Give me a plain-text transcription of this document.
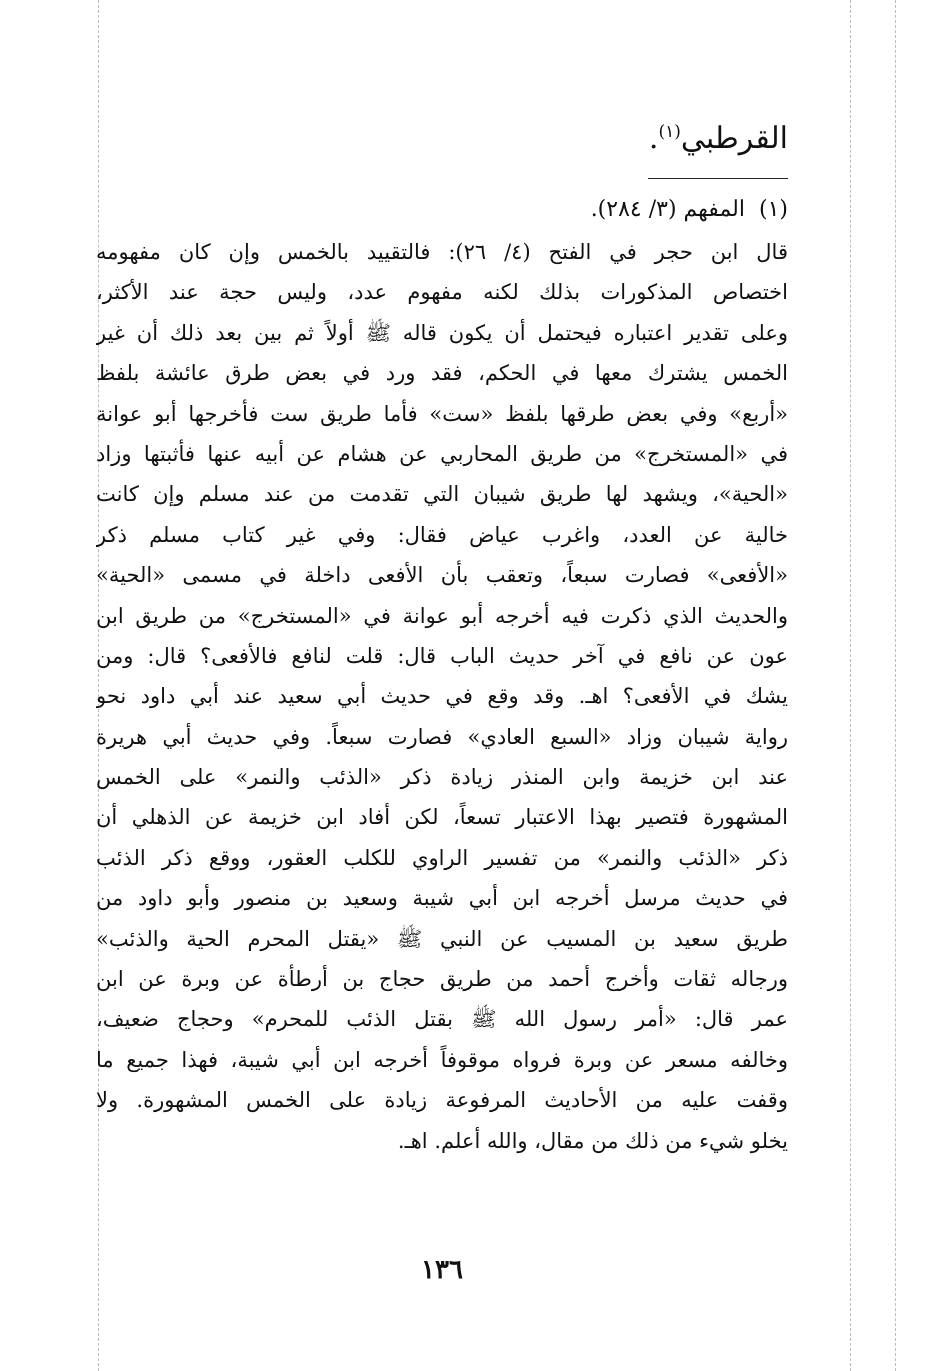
القرطبي$^{(١)}$.
(١)المفهم (٣/ ٢٨٤).
قال ابن حجر في الفتح (٤/ ٢٦): فالتقييد بالخمس وإن كان مفهومه
اختصاص المذكورات بذلك لكنه مفهوم عدد، وليس حجة عند الأكثر،
وعلى تقدير اعتباره فيحتمل أن يكون قاله ﷺ أولاً ثم بين بعد ذلك أن غير
الخمس يشترك معها في الحكم، فقد ورد في بعض طرق عائشة بلفظ
«أربع» وفي بعض طرقها بلفظ «ست» فأما طريق ست فأخرجها أبو عوانة
في «المستخرج» من طريق المحاربي عن هشام عن أبيه عنها فأثبتها وزاد
«الحية»، ويشهد لها طريق شيبان التي تقدمت من عند مسلم وإن كانت
خالية عن العدد، واغرب عياض فقال: وفي غير كتاب مسلم ذكر
«الأفعى» فصارت سبعاً، وتعقب بأن الأفعى داخلة في مسمى «الحية»
والحديث الذي ذكرت فيه أخرجه أبو عوانة في «المستخرج» من طريق ابن
عون عن نافع في آخر حديث الباب قال: قلت لنافع فالأفعى؟ قال: ومن
يشك في الأفعى؟ اهـ. وقد وقع في حديث أبي سعيد عند أبي داود نحو
رواية شيبان وزاد «السبع العادي» فصارت سبعاً. وفي حديث أبي هريرة
عند ابن خزيمة وابن المنذر زيادة ذكر «الذئب والنمر» على الخمس
المشهورة فتصير بهذا الاعتبار تسعاً، لكن أفاد ابن خزيمة عن الذهلي أن
ذكر «الذئب والنمر» من تفسير الراوي للكلب العقور، ووقع ذكر الذئب
في حديث مرسل أخرجه ابن أبي شيبة وسعيد بن منصور وأبو داود من
طريق سعيد بن المسيب عن النبي ﷺ «يقتل المحرم الحية والذئب»
ورجاله ثقات وأخرج أحمد من طريق حجاج بن أرطأة عن وبرة عن ابن
عمر قال: «أمر رسول الله ﷺ بقتل الذئب للمحرم» وحجاج ضعيف،
وخالفه مسعر عن وبرة فرواه موقوفاً أخرجه ابن أبي شيبة، فهذا جميع ما
وقفت عليه من الأحاديث المرفوعة زيادة على الخمس المشهورة. ولا
يخلو شيء من ذلك من مقال، والله أعلم. اهـ.
١٣٦
